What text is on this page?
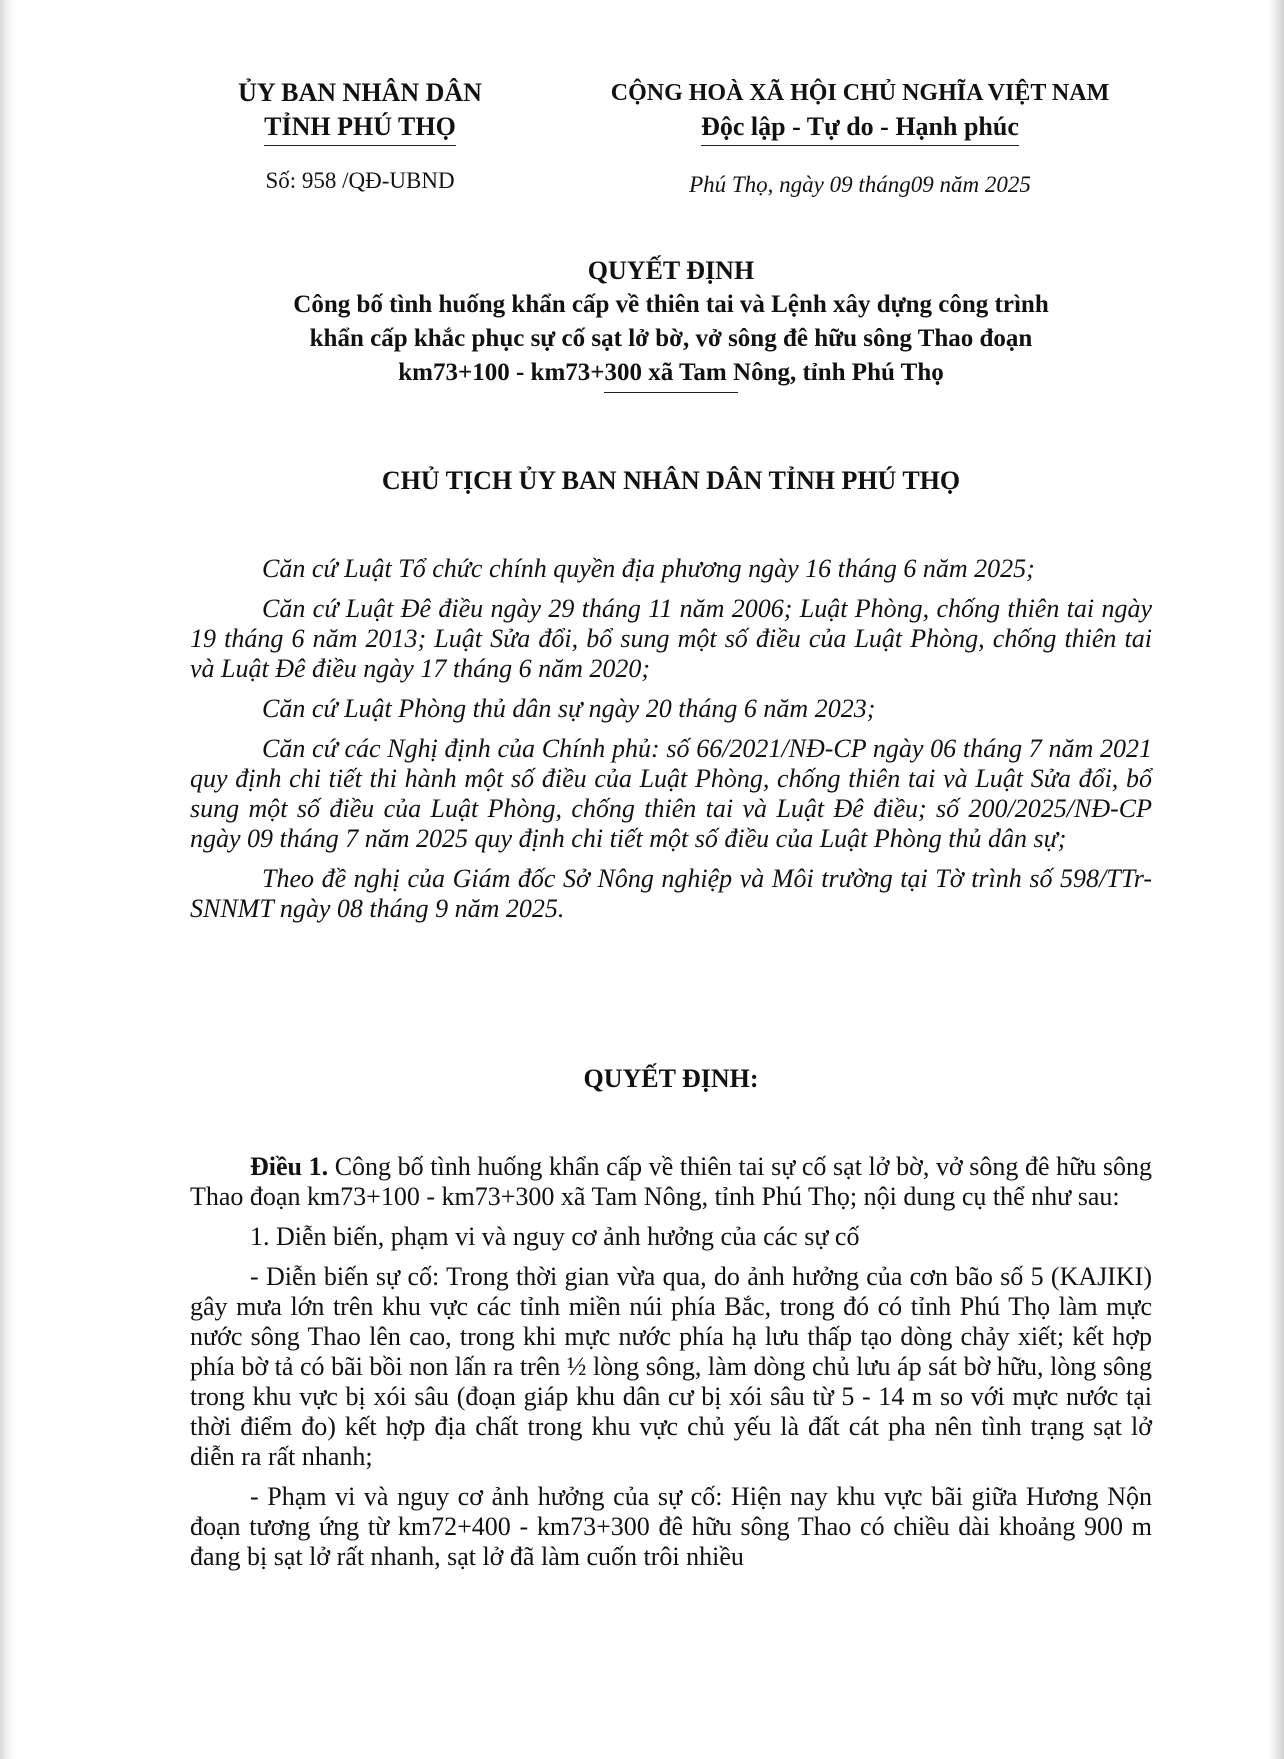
ỦY BAN NHÂN DÂN
TỈNH PHÚ THỌ
Số: 958 /QĐ-UBND
CỘNG HOÀ XÃ HỘI CHỦ NGHĨA VIỆT NAM
Độc lập - Tự do - Hạnh phúc
Phú Thọ, ngày 09 tháng09 năm 2025
QUYẾT ĐỊNH
Công bố tình huống khẩn cấp về thiên tai và Lệnh xây dựng công trình
khẩn cấp khắc phục sự cố sạt lở bờ, vở sông đê hữu sông Thao đoạn
km73+100 - km73+300 xã Tam Nông, tỉnh Phú Thọ
CHỦ TỊCH ỦY BAN NHÂN DÂN TỈNH PHÚ THỌ

Căn cứ Luật Tổ chức chính quyền địa phương ngày 16 tháng 6 năm 2025;

Căn cứ Luật Đê điều ngày 29 tháng 11 năm 2006; Luật Phòng, chống thiên tai ngày 19 tháng 6 năm 2013; Luật Sửa đổi, bổ sung một số điều của Luật Phòng, chống thiên tai và Luật Đê điều ngày 17 tháng 6 năm 2020;

Căn cứ Luật Phòng thủ dân sự ngày 20 tháng 6 năm 2023;

Căn cứ các Nghị định của Chính phủ: số 66/2021/NĐ-CP ngày 06 tháng 7 năm 2021 quy định chi tiết thi hành một số điều của Luật Phòng, chống thiên tai và Luật Sửa đổi, bổ sung một số điều của Luật Phòng, chống thiên tai và Luật Đê điều; số 200/2025/NĐ-CP ngày 09 tháng 7 năm 2025 quy định chi tiết một số điều của Luật Phòng thủ dân sự;

Theo đề nghị của Giám đốc Sở Nông nghiệp và Môi trường tại Tờ trình số 598/TTr-SNNMT ngày 08 tháng 9 năm 2025.

QUYẾT ĐỊNH:

Điều 1. Công bố tình huống khẩn cấp về thiên tai sự cố sạt lở bờ, vở sông đê hữu sông Thao đoạn km73+100 - km73+300 xã Tam Nông, tỉnh Phú Thọ; nội dung cụ thể như sau:

1. Diễn biến, phạm vi và nguy cơ ảnh hưởng của các sự cố

- Diễn biến sự cố: Trong thời gian vừa qua, do ảnh hưởng của cơn bão số 5 (KAJIKI) gây mưa lớn trên khu vực các tỉnh miền núi phía Bắc, trong đó có tỉnh Phú Thọ làm mực nước sông Thao lên cao, trong khi mực nước phía hạ lưu thấp tạo dòng chảy xiết; kết hợp phía bờ tả có bãi bồi non lấn ra trên ½ lòng sông, làm dòng chủ lưu áp sát bờ hữu, lòng sông trong khu vực bị xói sâu (đoạn giáp khu dân cư bị xói sâu từ 5 - 14 m so với mực nước tại thời điểm đo) kết hợp địa chất trong khu vực chủ yếu là đất cát pha nên tình trạng sạt lở diễn ra rất nhanh;

- Phạm vi và nguy cơ ảnh hưởng của sự cố: Hiện nay khu vực bãi giữa Hương Nộn đoạn tương ứng từ km72+400 - km73+300 đê hữu sông Thao có chiều dài khoảng 900 m đang bị sạt lở rất nhanh, sạt lở đã làm cuốn trôi nhiều
